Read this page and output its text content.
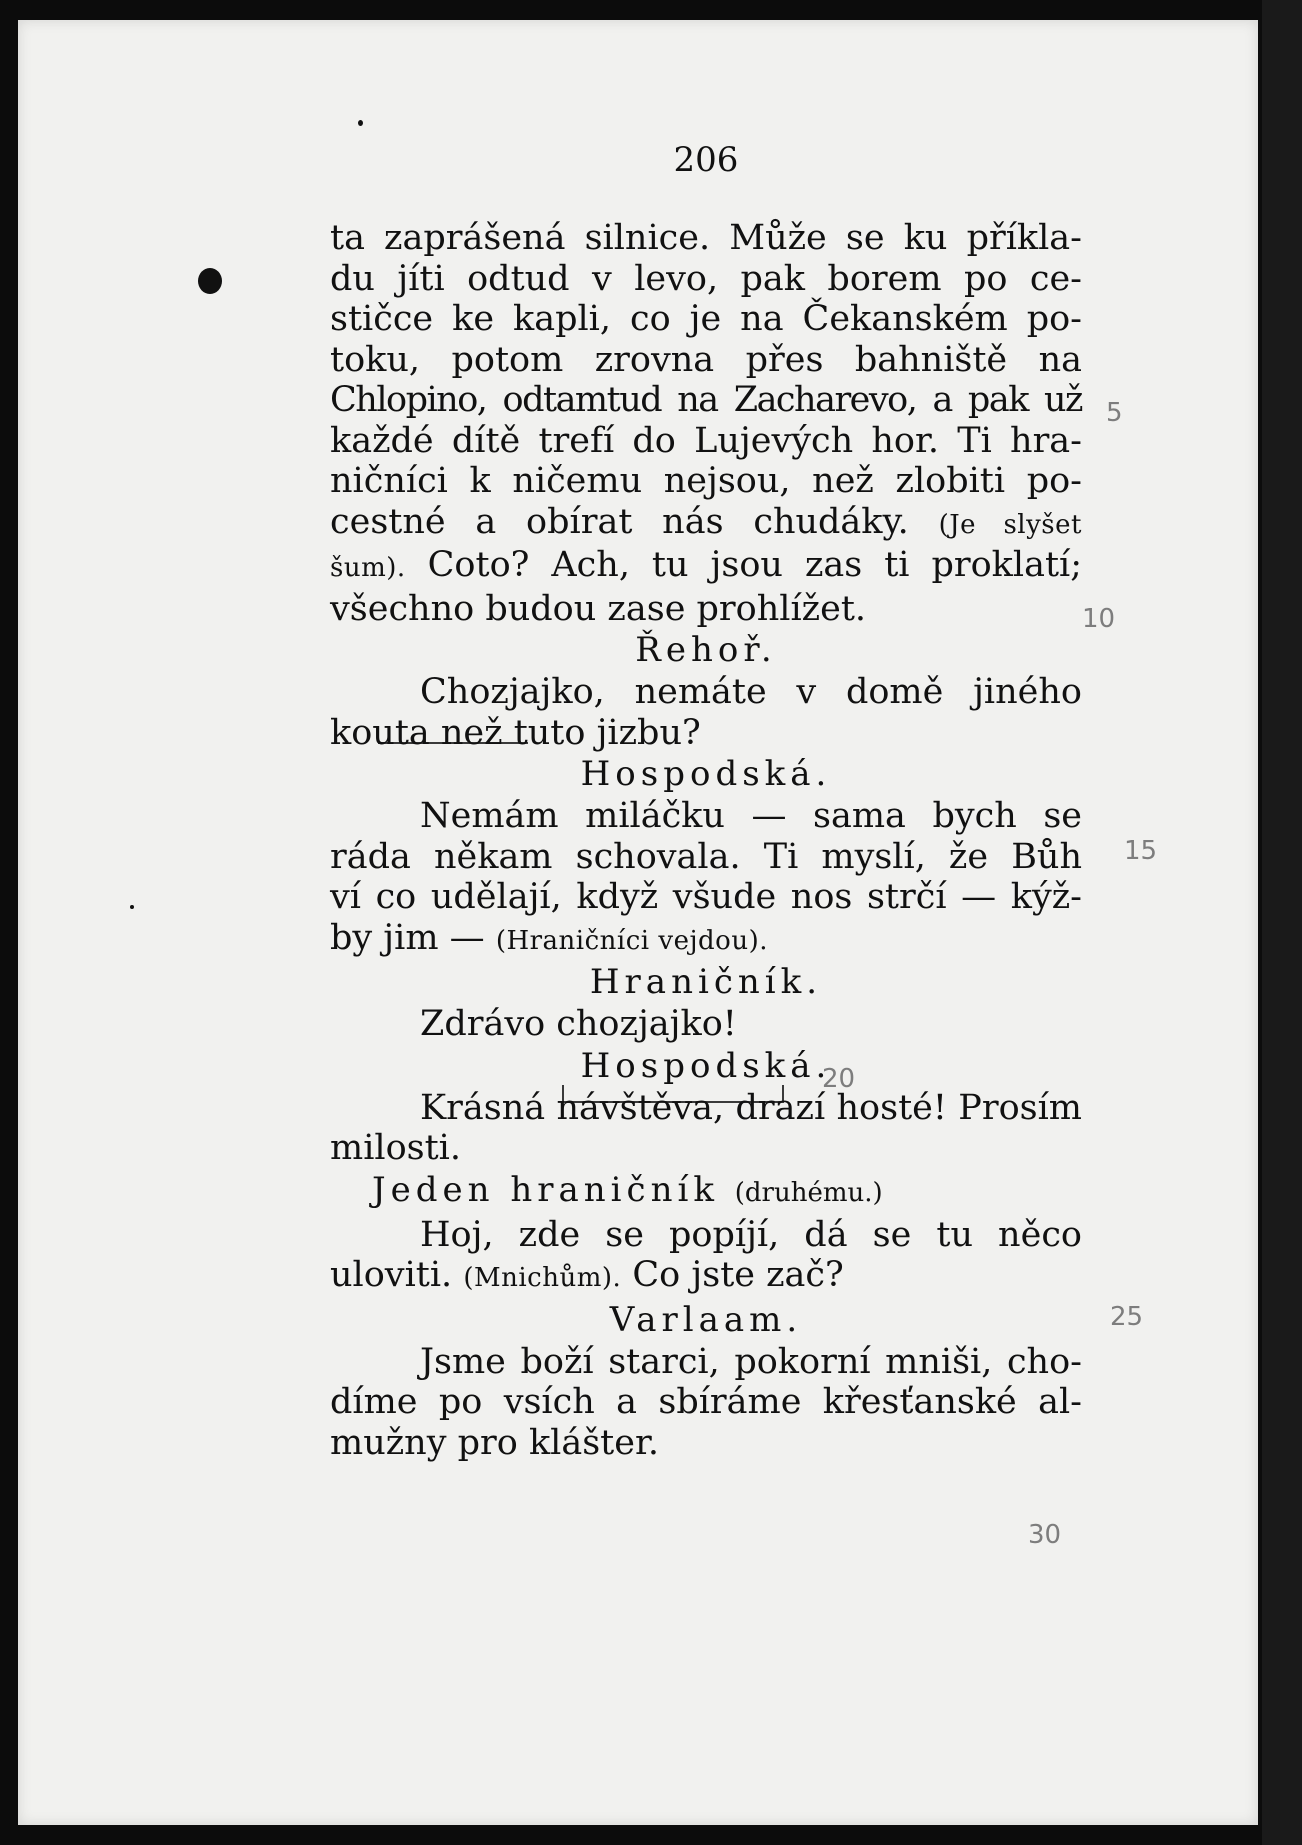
206
ta zaprášená silnice. Může se ku příkla-
du jíti odtud v levo, pak borem po ce-
stičce ke kapli, co je na Čekanském po-
toku, potom zrovna přes bahniště na
Chlopino, odtamtud na Zacharevo, a pak už
každé dítě trefí do Lujevých hor. Ti hra-
ničníci k ničemu nejsou, než zlobiti po-
cestné a obírat nás chudáky. (Je slyšet
šum). Coto? Ach, tu jsou zas ti proklatí;
všechno budou zase prohlížet.
Řehoř.
Chozjajko, nemáte v domě jiného
kouta než tuto jizbu?
Hospodská.
Nemám miláčku — sama bych se
ráda někam schovala. Ti myslí, že Bůh
ví co udělají, když všude nos strčí — kýž-
by jim — (Hraničníci vejdou).
Hraničník.
Zdrávo chozjajko!
Hospodská.
Krásná návštěva, drazí hosté! Prosím
milosti.
Jeden hraničník (druhému.)
Hoj, zde se popíjí, dá se tu něco
uloviti. (Mnichům). Co jste zač?
Varlaam.
Jsme boží starci, pokorní mniši, cho-
díme po vsích a sbíráme křesťanské al-
mužny pro klášter.
5
10
15
20
25
30
